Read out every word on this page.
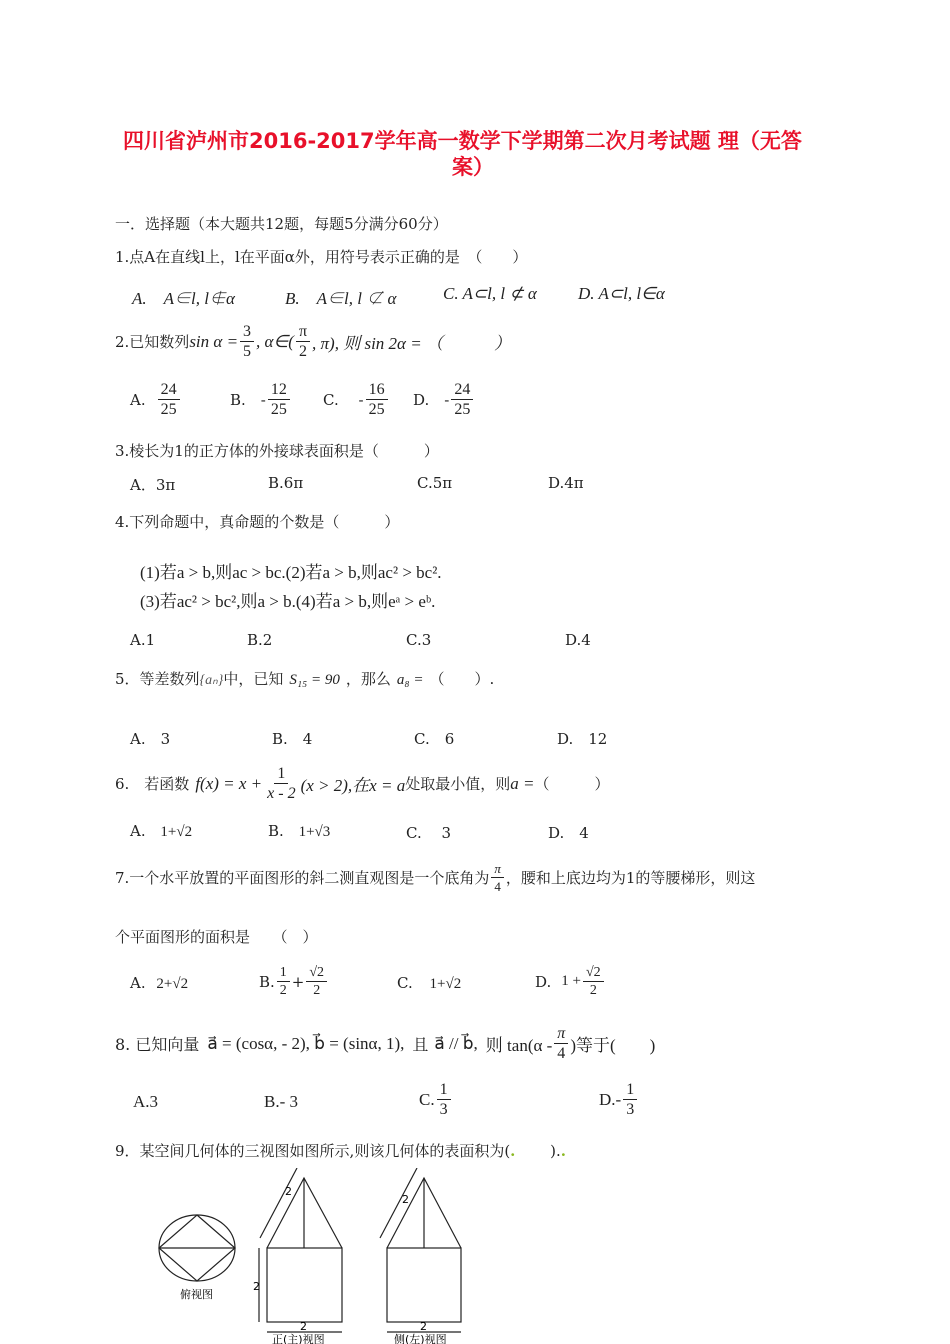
四川省泸州市2016-2017学年高一数学下学期第二次月考试题 理（无答
案）
一．选择题（本大题共12题，每题5分满分60分）
1.点A在直线l上，l在平面α外，用符号表示正确的是　（　　）
A.　A∈l, l∉α	B.　A∈l, l ⊄ α	C. A⊂l, l ⊄ α D. A⊂l, l∈α
2.已知数列 $\sin \alpha = \frac{3}{5}$ , α∈( $\frac{\pi}{2}$ , π), 则 sin 2α = （　　　）
A. $\frac{24}{25}$	B.　- $\frac{12}{25} C$.　 - $\frac{16}{25} D$.　- $\frac{24}{25}$
3.棱长为1的正方体的外接球表面积是（　　　）
A．3π	B.6π	C.5π	D.4π
4.下列命题中，真命题的个数是（　　　）
(1)若a > b,则ac > bc.(2)若a > b,则ac² > bc².
(3)若ac² > bc²,则a > b.(4)若a > b,则eᵃ > eᵇ.
A.1	B.2	C.3	D.4
5．等差数列 {aₙ} 中，已知 S₁₅ = 90 ，那么 a₈ = （　　）.
A.　3	B.　4	C.　6	D.　12
6.　若函数 $f(x) = x + \frac{1}{x - 2} (x > 2)$,在x = a 处取最小值，则 a = （　　　）
A. 1+√2	B. 1+√3	C.　 3	D.　4
7.一个水平放置的平面图形的斜二测直观图是一个底角为 $\frac{\pi}{4}$ ，腰和上底边均为1的等腰梯形，则这
个平面图形的面积是　　（　）
A. 2+√2	B. $\frac{1}{2} + \frac{√2}{2}$	C. 1+√2	D. $1 + \frac{√2}{2}$
8. 已知向量 a⃗ = (cosα, - 2), b⃗ = (sinα, 1), 且 a⃗ // b⃗, 则 $\tan(\alpha - \frac{\pi}{4}$ )等于(　　)
A.3	B.- 3	C. $\frac{1}{3}$	$D.- \frac{1}{3}$
9．某空间几何体的三视图如图所示,则该几何体的表面积为(.　　 )..
俯视图
2
2
2
正(主)视图
2
2
侧(左)视图
